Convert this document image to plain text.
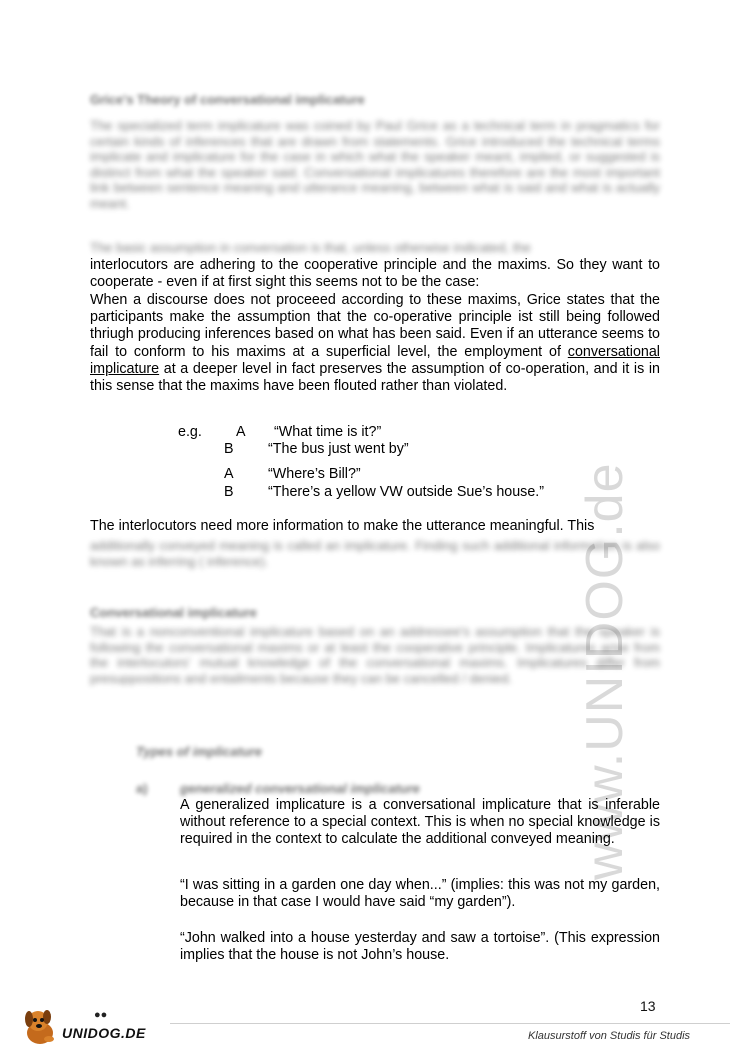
www.UNIDOG.de
Grice's Theory of conversational implicature
The specialized term implicature was coined by Paul Grice as a technical term in pragmatics for certain kinds of inferences that are drawn from statements. Grice introduced the technical terms implicate and implicature for the case in which what the speaker meant, implied, or suggested is distinct from what the speaker said. Conversational implicatures therefore are the most important link between sentence meaning and utterance meaning, between what is said and what is actually meant.
The basic assumption in conversation is that, unless otherwise indicated, the
interlocutors are adhering to the cooperative principle and the maxims. So they want to cooperate - even if at first sight this seems not to be the case:
When a discourse does not proceeed according to these maxims, Grice states that the participants make the assumption that the co-operative principle ist still being followed thriugh producing inferences based on what has been said. Even if an utterance seems to fail to conform to his maxims at a superficial level, the employment of conversational implicature at a deeper level in fact preserves the assumption of co-operation, and it is in this sense that the maxims have been flouted rather than violated.
e.g. A “What time is it?”
B “The bus just went by”
A “Where’s Bill?”
B “There’s a yellow VW outside Sue’s house.”
The interlocutors need more information to make the utterance meaningful. This
additionally conveyed meaning is called an implicature. Finding such additional information is also known as inferring ( inference).
Conversational implicature
That is a nonconventional implicature based on an addressee's assumption that the speaker is following the conversational maxims or at least the cooperative principle. Implicatures arise from the interlocutors' mutual knowledge of the conversational maxims. Implicatures differ from presuppositions and entailments because they can be cancelled / denied.
Types of implicature
a)	generalized conversational implicature
A generalized implicature is a conversational implicature that is inferable without reference to a special context. This is when no special knowledge is required in the context to calculate the additional conveyed meaning.
“I was sitting in a garden one day when...” (implies: this was not my garden, because in that case I would have said “my garden”).
“John walked into a house yesterday and saw a tortoise”. (This expression implies that the house is not John’s house.
13
Klausurstoff von Studis für Studis
●●
UNIDOG.DE
